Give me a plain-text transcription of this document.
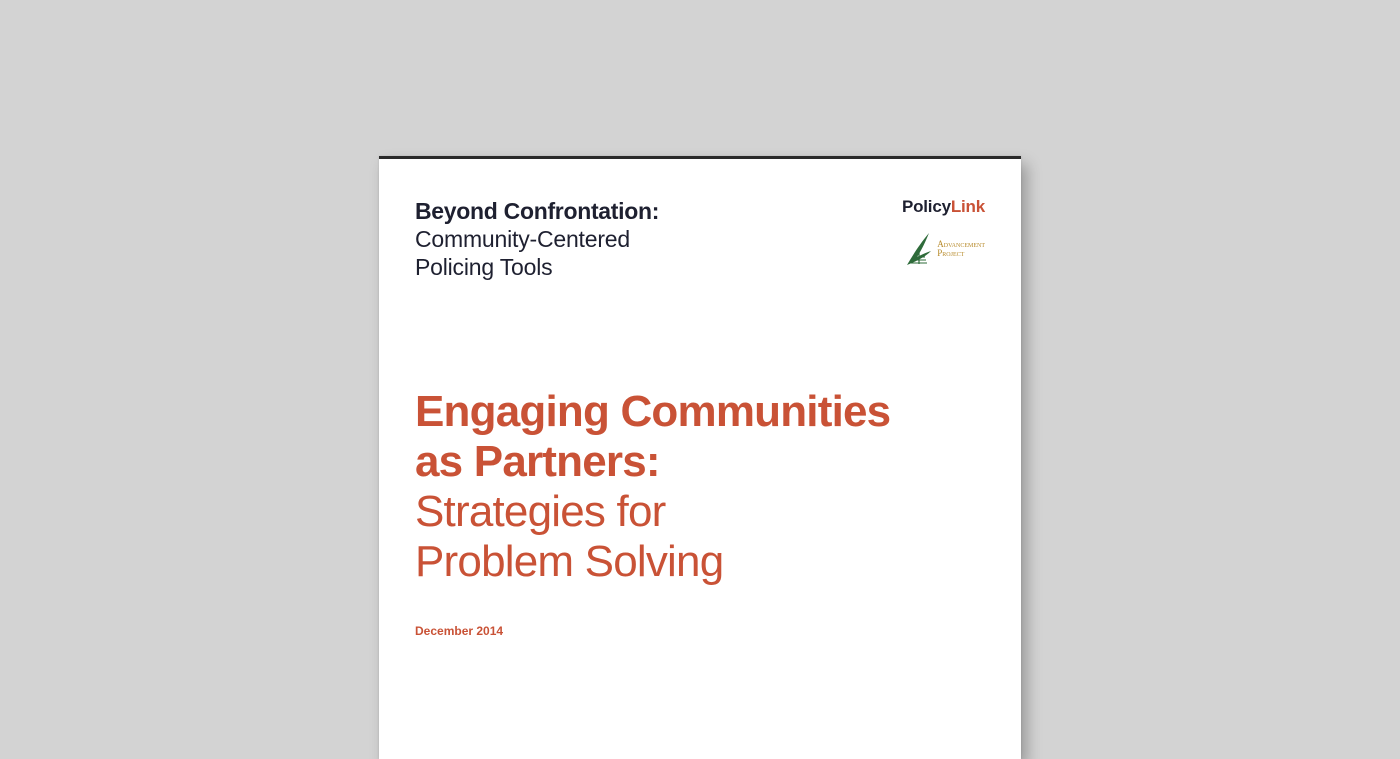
Beyond Confrontation:
Community-Centered
Policing Tools
PolicyLink
Advancement
Project
Engaging Communities
as Partners:
Strategies for
Problem Solving
December 2014
